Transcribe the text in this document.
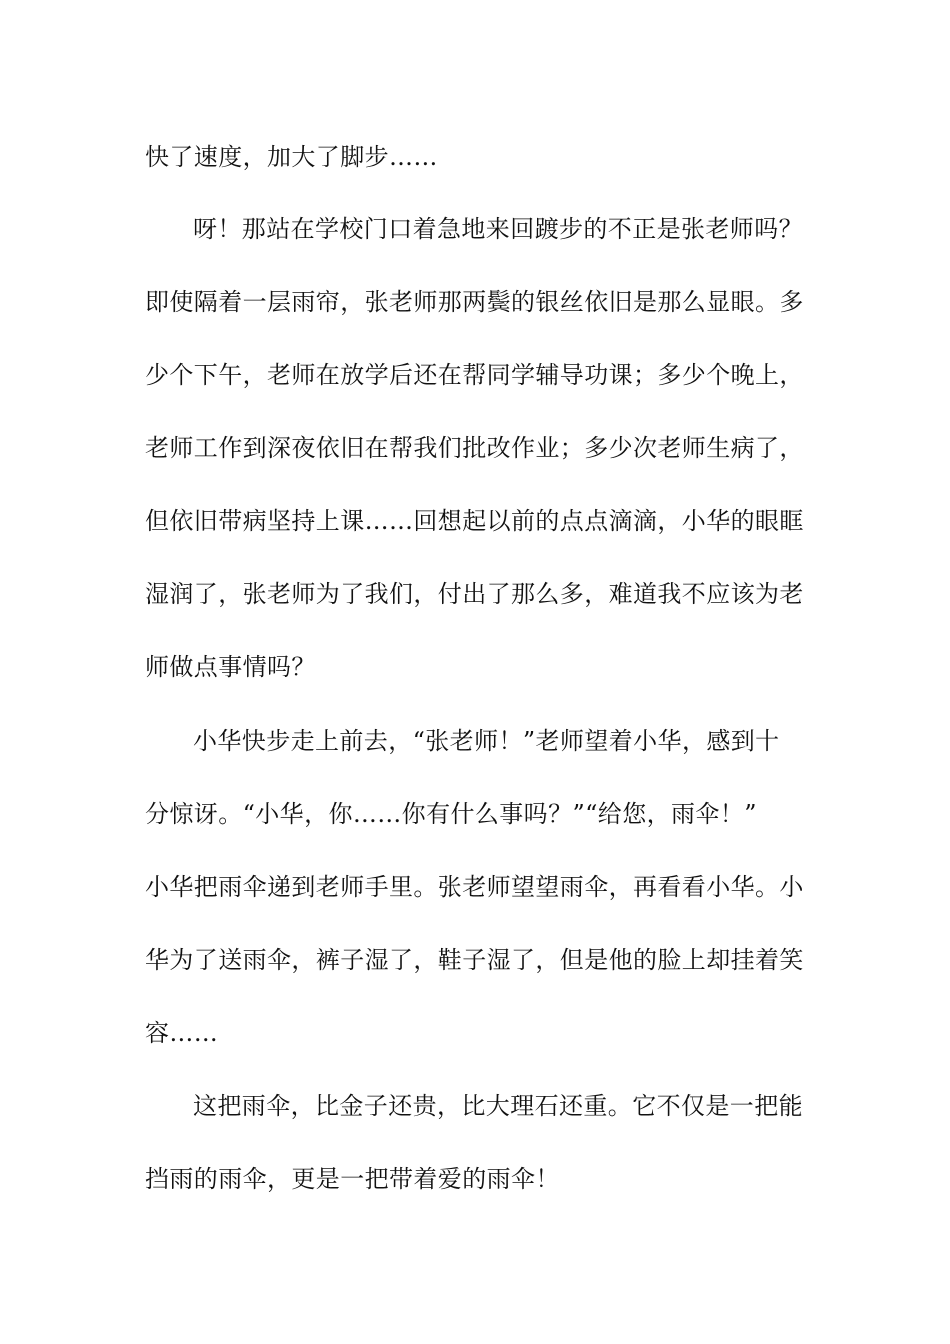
快了速度，加大了脚步……
呀！那站在学校门口着急地来回踱步的不正是张老师吗？
即使隔着一层雨帘，张老师那两鬓的银丝依旧是那么显眼。多
少个下午，老师在放学后还在帮同学辅导功课；多少个晚上，
老师工作到深夜依旧在帮我们批改作业；多少次老师生病了，
但依旧带病坚持上课……回想起以前的点点滴滴，小华的眼眶
湿润了，张老师为了我们，付出了那么多，难道我不应该为老
师做点事情吗？
小华快步走上前去，“张老师！”老师望着小华，感到十
分惊讶。“小华，你……你有什么事吗？”“给您，雨伞！”
小华把雨伞递到老师手里。张老师望望雨伞，再看看小华。小
华为了送雨伞，裤子湿了，鞋子湿了，但是他的脸上却挂着笑
容……
这把雨伞，比金子还贵，比大理石还重。它不仅是一把能
挡雨的雨伞，更是一把带着爱的雨伞！
